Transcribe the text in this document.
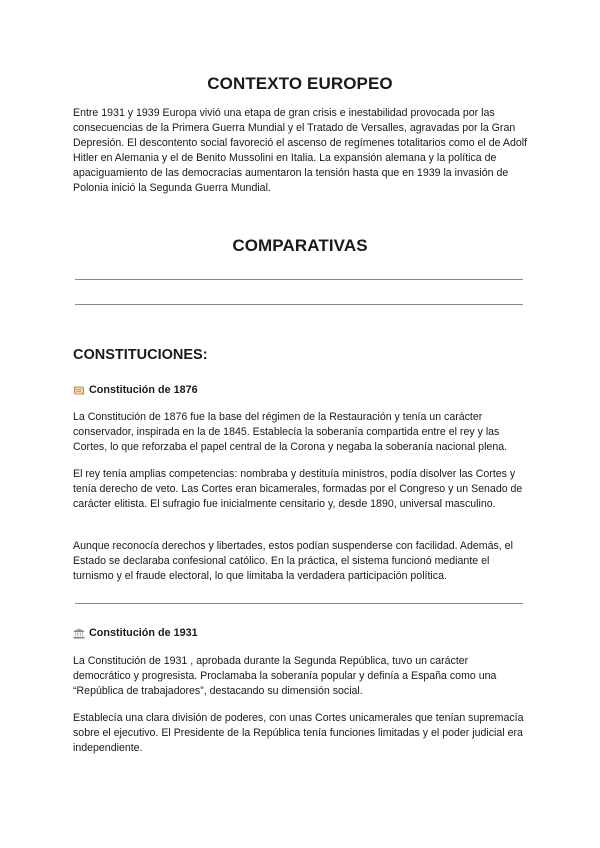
CONTEXTO EUROPEO

Entre 1931 y 1939 Europa vivió una etapa de gran crisis e inestabilidad provocada por las consecuencias de la Primera Guerra Mundial y el Tratado de Versalles, agravadas por la Gran Depresión. El descontento social favoreció el ascenso de regímenes totalitarios como el de Adolf Hitler en Alemania y el de Benito Mussolini en Italia. La expansión alemana y la política de apaciguamiento de las democracias aumentaron la tensión hasta que en 1939 la invasión de Polonia inició la Segunda Guerra Mundial.

COMPARATIVAS
CONSTITUCIONES:
Constitución de 1876

La Constitución de 1876 fue la base del régimen de la Restauración y tenía un carácter conservador, inspirada en la de 1845. Establecía la soberanía compartida entre el rey y las Cortes, lo que reforzaba el papel central de la Corona y negaba la soberanía nacional plena.

El rey tenía amplias competencias: nombraba y destituía ministros, podía disolver las Cortes y tenía derecho de veto. Las Cortes eran bicamerales, formadas por el Congreso y un Senado de carácter elitista. El sufragio fue inicialmente censitario y, desde 1890, universal masculino.

Aunque reconocía derechos y libertades, estos podían suspenderse con facilidad. Además, el Estado se declaraba confesional católico. En la práctica, el sistema funcionó mediante el turnismo y el fraude electoral, lo que limitaba la verdadera participación política.

Constitución de 1931

La Constitución de 1931 , aprobada durante la Segunda República, tuvo un carácter democrático y progresista. Proclamaba la soberanía popular y definía a España como una “República de trabajadores”, destacando su dimensión social.

Establecía una clara división de poderes, con unas Cortes unicamerales que tenían supremacía sobre el ejecutivo. El Presidente de la República tenía funciones limitadas y el poder judicial era independiente.
